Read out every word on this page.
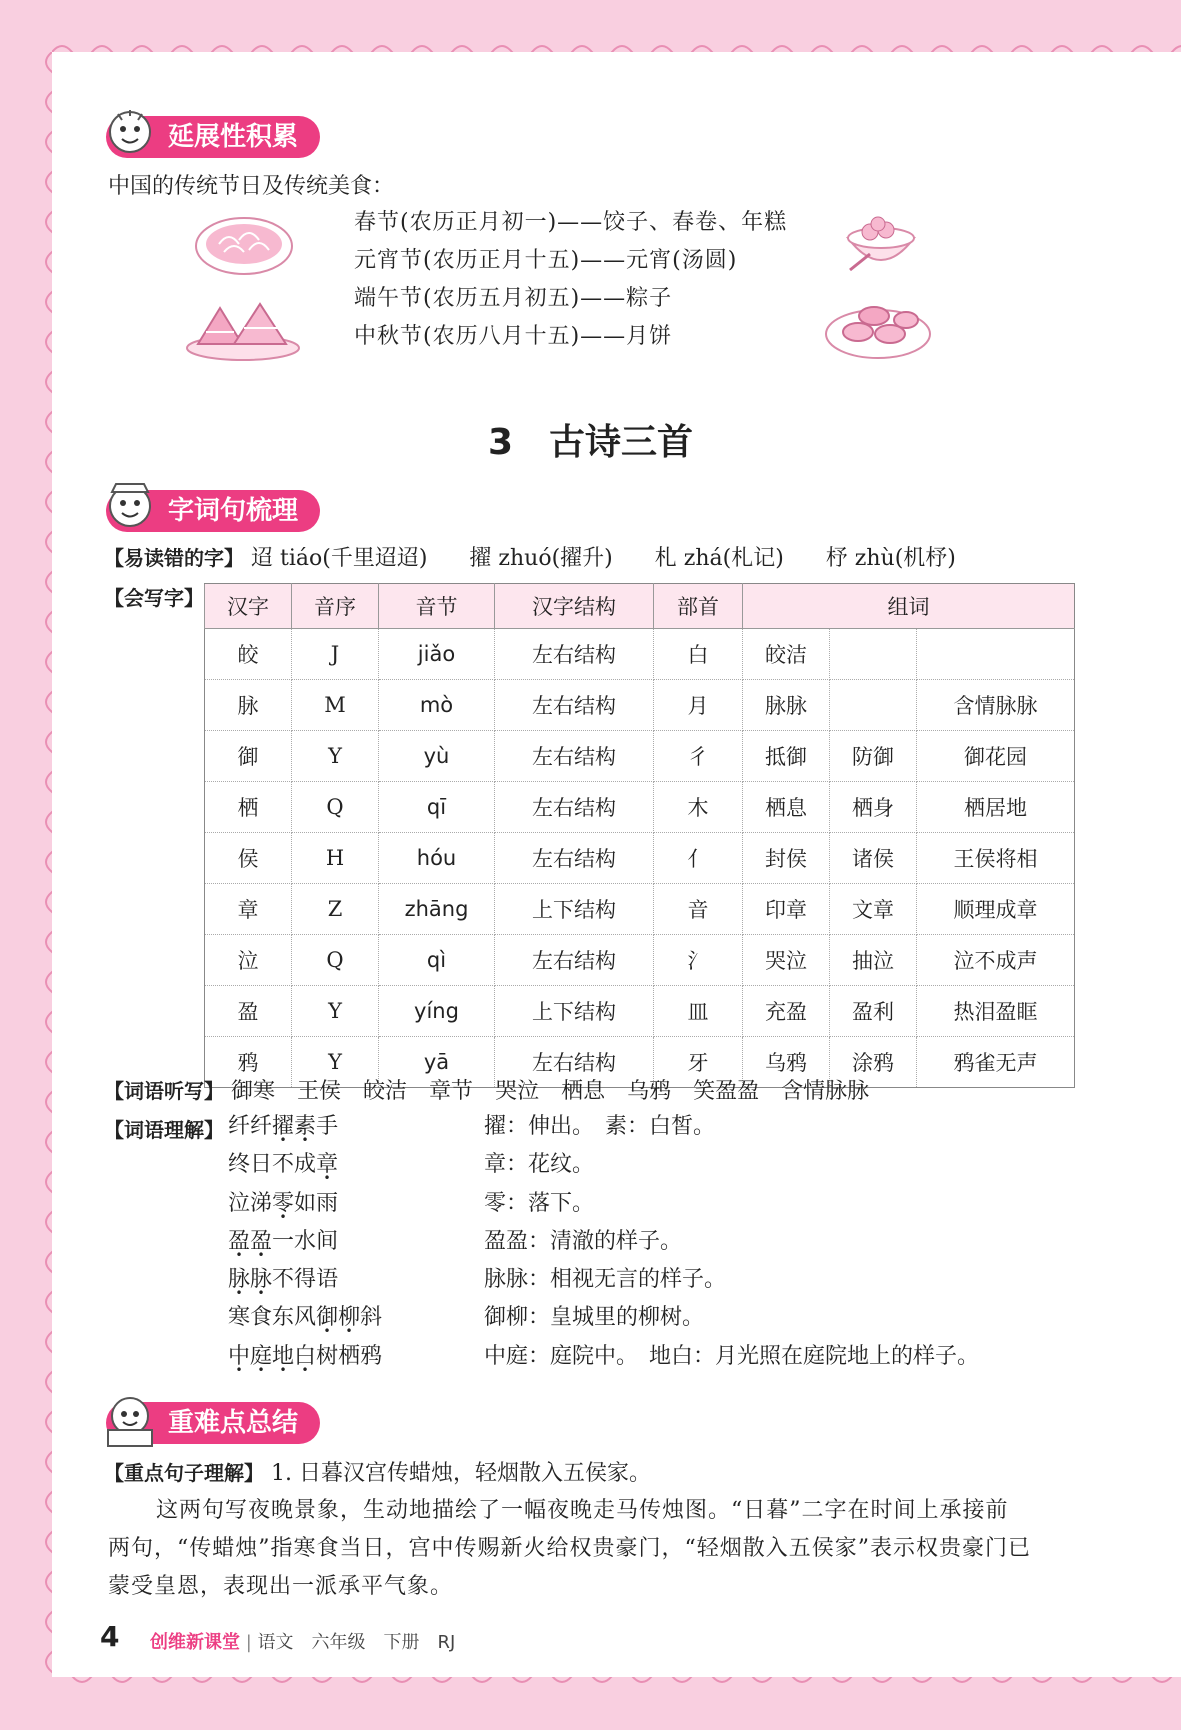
延展性积累
中国的传统节日及传统美食：
春节(农历正月初一)——饺子、春卷、年糕
元宵节(农历正月十五)——元宵(汤圆)
端午节(农历五月初五)——粽子
中秋节(农历八月十五)——月饼
3　古诗三首
字词句梳理
【易读错的字】 迢 tiáo(千里迢迢) 擢 zhuó(擢升) 札 zhá(札记) 杼 zhù(机杼)
【会写字】 汉字	音序	音节	汉字结构	部首	组词		
皎	J	jiǎo	左右结构	白	皎洁		
脉	M	mò	左右结构	月	脉脉		含情脉脉
御	Y	yù	左右结构	彳	抵御	防御	御花园
栖	Q	qī	左右结构	木	栖息	栖身	栖居地
侯	H	hóu	左右结构	亻	封侯	诸侯	王侯将相
章	Z	zhāng	上下结构	音	印章	文章	顺理成章
泣	Q	qì	左右结构	氵	哭泣	抽泣	泣不成声
盈	Y	yíng	上下结构	皿	充盈	盈利	热泪盈眶
鸦	Y	yā	左右结构	牙	乌鸦	涂鸦	鸦雀无声
【词语听写】 御寒 王侯 皎洁 章节 哭泣 栖息 乌鸦 笑盈盈 含情脉脉
【词语理解】 纤纤擢素手	擢：伸出。　素：白皙。
终日不成章	章：花纹。
泣涕零如雨	零：落下。
盈盈一水间	盈盈：清澈的样子。
脉脉不得语	脉脉：相视无言的样子。
寒食东风御柳斜	御柳：皇城里的柳树。
中庭地白树栖鸦	中庭：庭院中。　地白：月光照在庭院地上的样子。
重难点总结
【重点句子理解】 1. 日暮汉宫传蜡烛，轻烟散入五侯家。
这两句写夜晚景象，生动地描绘了一幅夜晚走马传烛图。“日暮”二字在时间上承接前
两句，“传蜡烛”指寒食当日，宫中传赐新火给权贵豪门，“轻烟散入五侯家”表示权贵豪门已
蒙受皇恩，表现出一派承平气象。
4 创维新课堂 | 语文　六年级　下册　RJ
